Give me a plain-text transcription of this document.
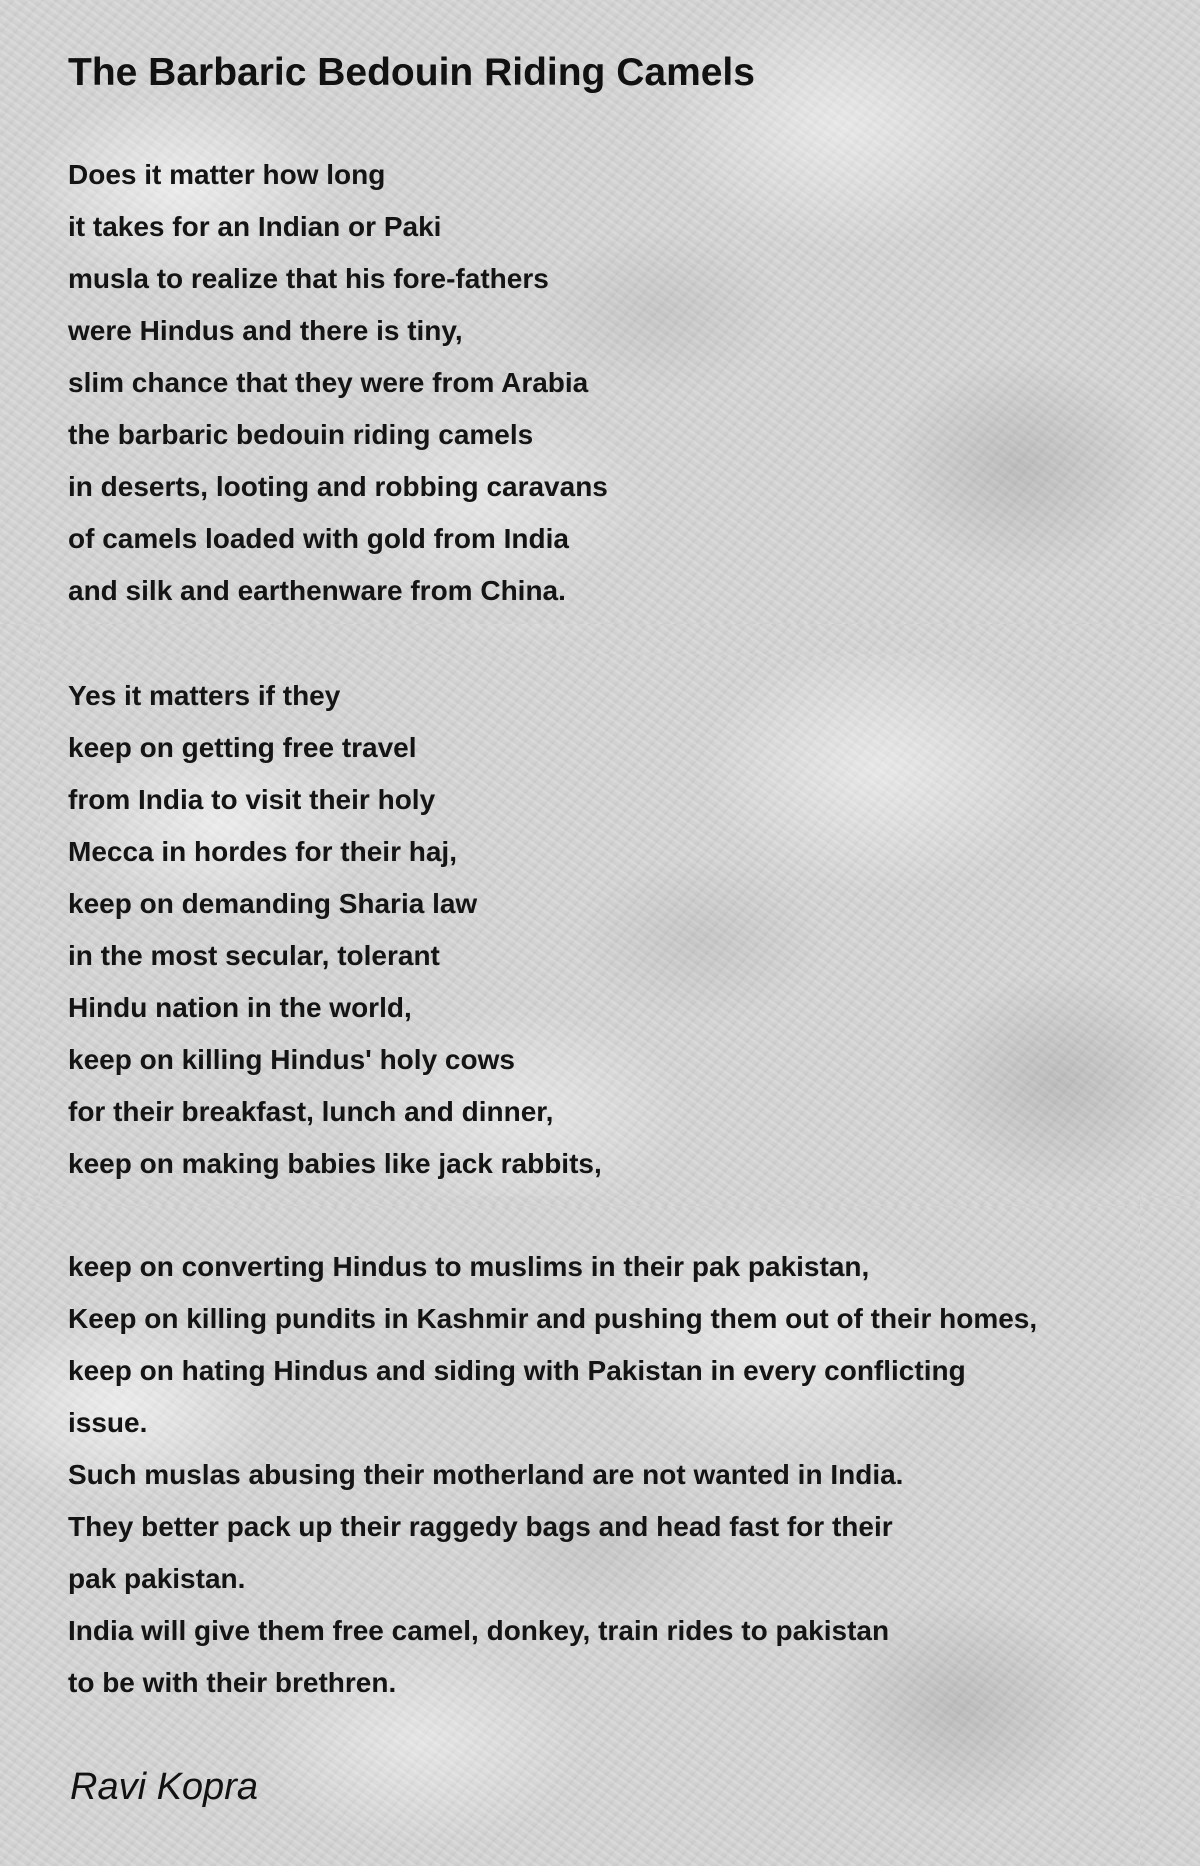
The Barbaric Bedouin Riding Camels
Does it matter how long
it takes for an Indian or Paki
musla to realize that his fore-fathers
were Hindus and there is tiny,
slim chance that they were from Arabia
the barbaric bedouin riding camels
in deserts, looting and robbing caravans
of camels loaded with gold from India
and silk and earthenware from China.
Yes it matters if they
keep on getting free travel
from India to visit their holy
Mecca in hordes for their haj,
keep on demanding Sharia law
in the most secular, tolerant
Hindu nation in the world,
keep on killing Hindus' holy cows
for their breakfast, lunch and dinner,
keep on making babies like jack rabbits,
keep on converting Hindus to muslims in their pak pakistan,
Keep on killing pundits in Kashmir and pushing them out of their homes,
keep on hating Hindus and siding with Pakistan in every conflicting
issue.
Such muslas abusing their motherland are not wanted in India.
They better pack up their raggedy bags and head fast for their
pak pakistan.
India will give them free camel, donkey, train rides to pakistan
to be with their brethren.
Ravi Kopra
